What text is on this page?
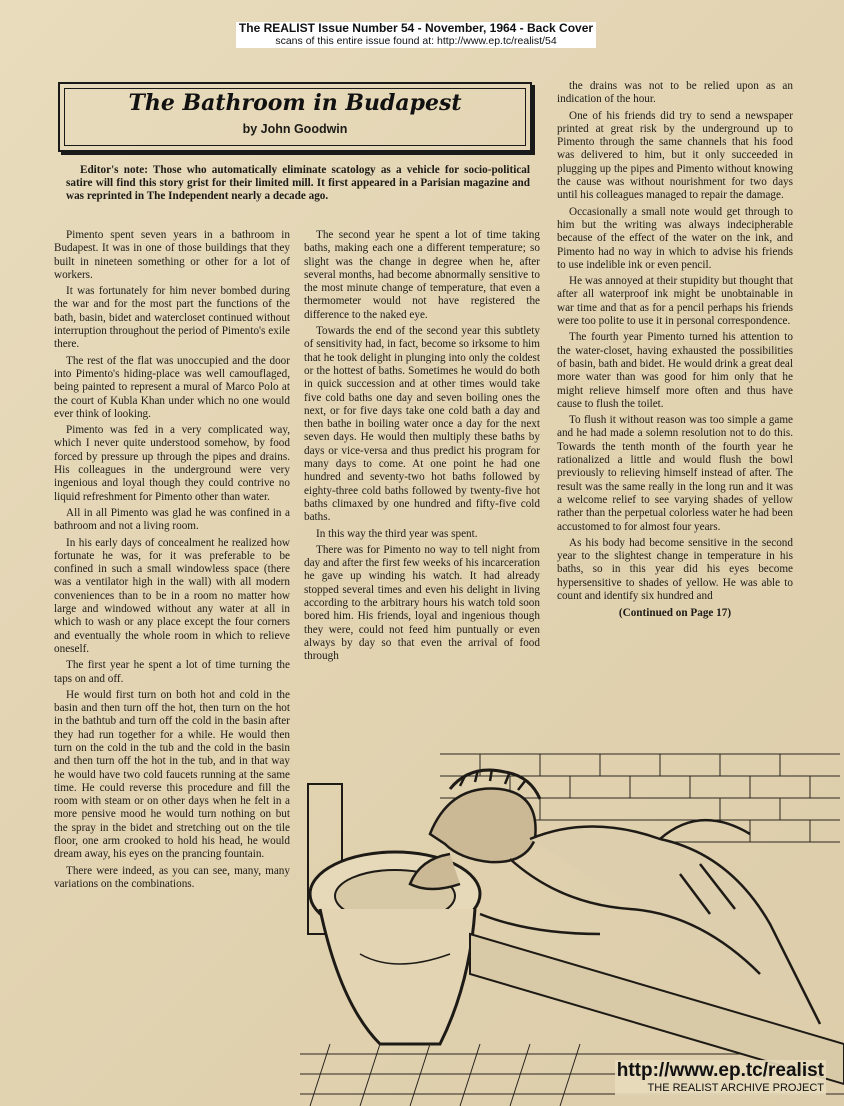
The REALIST Issue Number 54 - November, 1964 - Back Cover
scans of this entire issue found at: http://www.ep.tc/realist/54
The Bathroom in Budapest
by John Goodwin
Editor's note: Those who automatically eliminate scatology as a vehicle for socio-political satire will find this story grist for their limited mill. It first appeared in a Parisian magazine and was reprinted in The Independent nearly a decade ago.

Pimento spent seven years in a bathroom in Budapest. It was in one of those buildings that they built in nineteen something or other for a lot of workers.

It was fortunately for him never bombed during the war and for the most part the functions of the bath, basin, bidet and watercloset continued without interruption throughout the period of Pimento's exile there.

The rest of the flat was unoccupied and the door into Pimento's hiding-place was well camouflaged, being painted to represent a mural of Marco Polo at the court of Kubla Khan under which no one would ever think of looking.

Pimento was fed in a very complicated way, which I never quite understood somehow, by food forced by pressure up through the pipes and drains. His colleagues in the underground were very ingenious and loyal though they could contrive no liquid refreshment for Pimento other than water.

All in all Pimento was glad he was confined in a bathroom and not a living room.

In his early days of concealment he realized how fortunate he was, for it was preferable to be confined in such a small windowless space (there was a ventilator high in the wall) with all modern conveniences than to be in a room no matter how large and windowed without any water at all in which to wash or any place except the four corners and eventually the whole room in which to relieve oneself.

The first year he spent a lot of time turning the taps on and off.

He would first turn on both hot and cold in the basin and then turn off the hot, then turn on the hot in the bathtub and turn off the cold in the basin after they had run together for a while. He would then turn on the cold in the tub and the cold in the basin and then turn off the hot in the tub, and in that way he would have two cold faucets running at the same time. He could reverse this procedure and fill the room with steam or on other days when he felt in a more pensive mood he would turn nothing on but the spray in the bidet and stretching out on the tile floor, one arm crooked to hold his head, he would dream away, his eyes on the prancing fountain.

There were indeed, as you can see, many, many variations on the combinations.

The second year he spent a lot of time taking baths, making each one a different temperature; so slight was the change in degree when he, after several months, had become abnormally sensitive to the most minute change of temperature, that even a thermometer would not have registered the difference to the naked eye.

Towards the end of the second year this subtlety of sensitivity had, in fact, become so irksome to him that he took delight in plunging into only the coldest or the hottest of baths. Sometimes he would do both in quick succession and at other times would take five cold baths one day and seven boiling ones the next, or for five days take one cold bath a day and then bathe in boiling water once a day for the next seven days. He would then multiply these baths by days or vice-versa and thus predict his program for many days to come. At one point he had one hundred and seventy-two hot baths followed by eighty-three cold baths followed by twenty-five hot baths climaxed by one hundred and fifty-five cold baths.

In this way the third year was spent.

There was for Pimento no way to tell night from day and after the first few weeks of his incarceration he gave up winding his watch. It had already stopped several times and even his delight in living according to the arbitrary hours his watch told soon bored him. His friends, loyal and ingenious though they were, could not feed him puntually or even always by day so that even the arrival of food through

the drains was not to be relied upon as an indication of the hour.

One of his friends did try to send a newspaper printed at great risk by the underground up to Pimento through the same channels that his food was delivered to him, but it only succeeded in plugging up the pipes and Pimento without knowing the cause was without nourishment for two days until his colleagues managed to repair the damage.

Occasionally a small note would get through to him but the writing was always indecipherable because of the effect of the water on the ink, and Pimento had no way in which to advise his friends to use indelible ink or even pencil.

He was annoyed at their stupidity but thought that after all waterproof ink might be unobtainable in war time and that as for a pencil perhaps his friends were too polite to use it in personal correspondence.

The fourth year Pimento turned his attention to the water-closet, having exhausted the possibilities of basin, bath and bidet. He would drink a great deal more water than was good for him only that he might relieve himself more often and thus have cause to flush the toilet.

To flush it without reason was too simple a game and he had made a solemn resolution not to do this. Towards the tenth month of the fourth year he rationalized a little and would flush the bowl previously to relieving himself instead of after. The result was the same really in the long run and it was a welcome relief to see varying shades of yellow rather than the perpetual colorless water he had been accustomed to for almost four years.

As his body had become sensitive in the second year to the slightest change in temperature in his baths, so in this year did his eyes become hypersensitive to shades of yellow. He was able to count and identify six hundred and

(Continued on Page 17)

http://www.ep.tc/realist
THE REALIST ARCHIVE PROJECT
